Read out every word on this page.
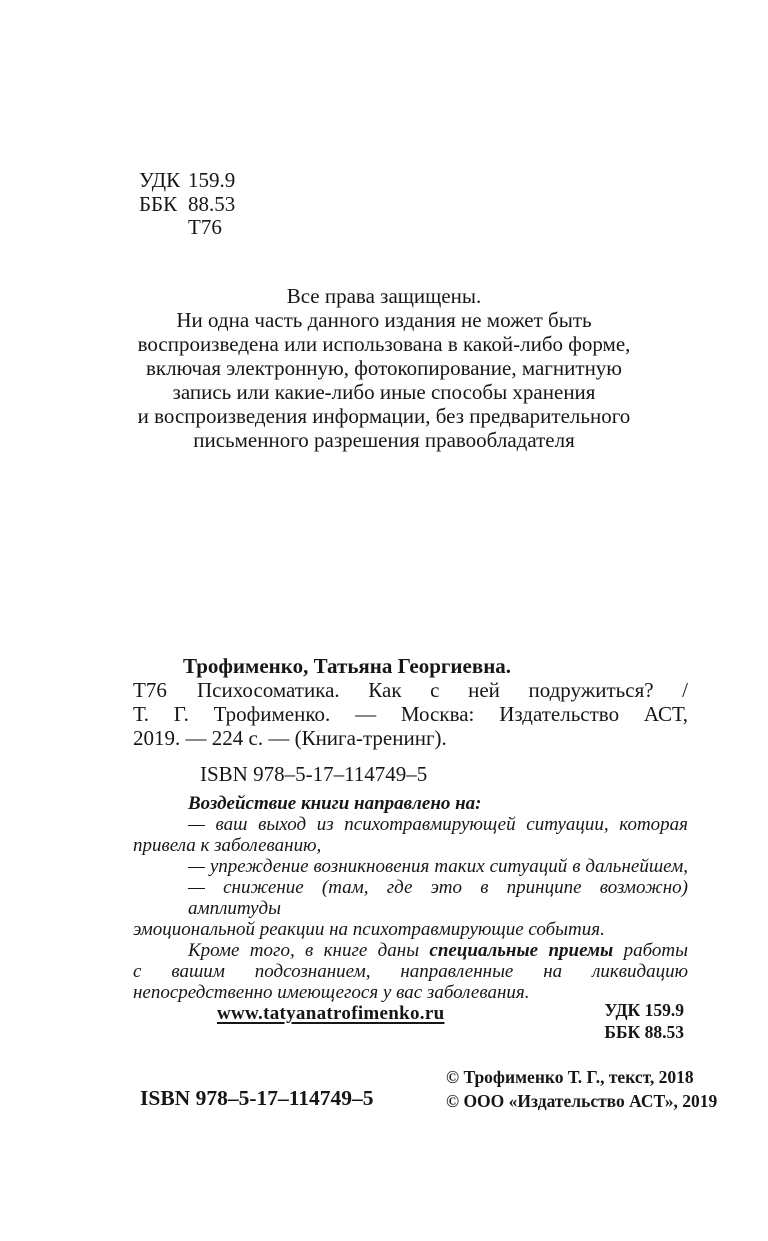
УДК 159.9
ББК 88.53
Т76
Все права защищены.
Ни одна часть данного издания не может быть
воспроизведена или использована в какой-либо форме,
включая электронную, фотокопирование, магнитную
запись или какие-либо иные способы хранения
и воспроизведения информации, без предварительного
письменного разрешения правообладателя
Трофименко, Татьяна Георгиевна.
Т76 Психосоматика. Как с ней подружиться? /
Т. Г. Трофименко. — Москва: Издательство АСТ,
2019. — 224 с. — (Книга-тренинг).
ISBN 978–5-17–114749–5
Воздействие книги направлено на:
— ваш выход из психотравмирующей ситуации, которая
привела к заболеванию,
— упреждение возникновения таких ситуаций в дальнейшем,
— снижение (там, где это в принципе возможно) амплитуды
эмоциональной реакции на психотравмирующие события.
Кроме того, в книге даны специальные приемы работы
с вашим подсознанием, направленные на ликвидацию
непосредственно имеющегося у вас заболевания.
www.tatyanatrofimenko.ru	УДК 159.9
ББК 88.53
ISBN 978–5-17–114749–5
© Трофименко Т. Г., текст, 2018
© ООО «Издательство АСТ», 2019
